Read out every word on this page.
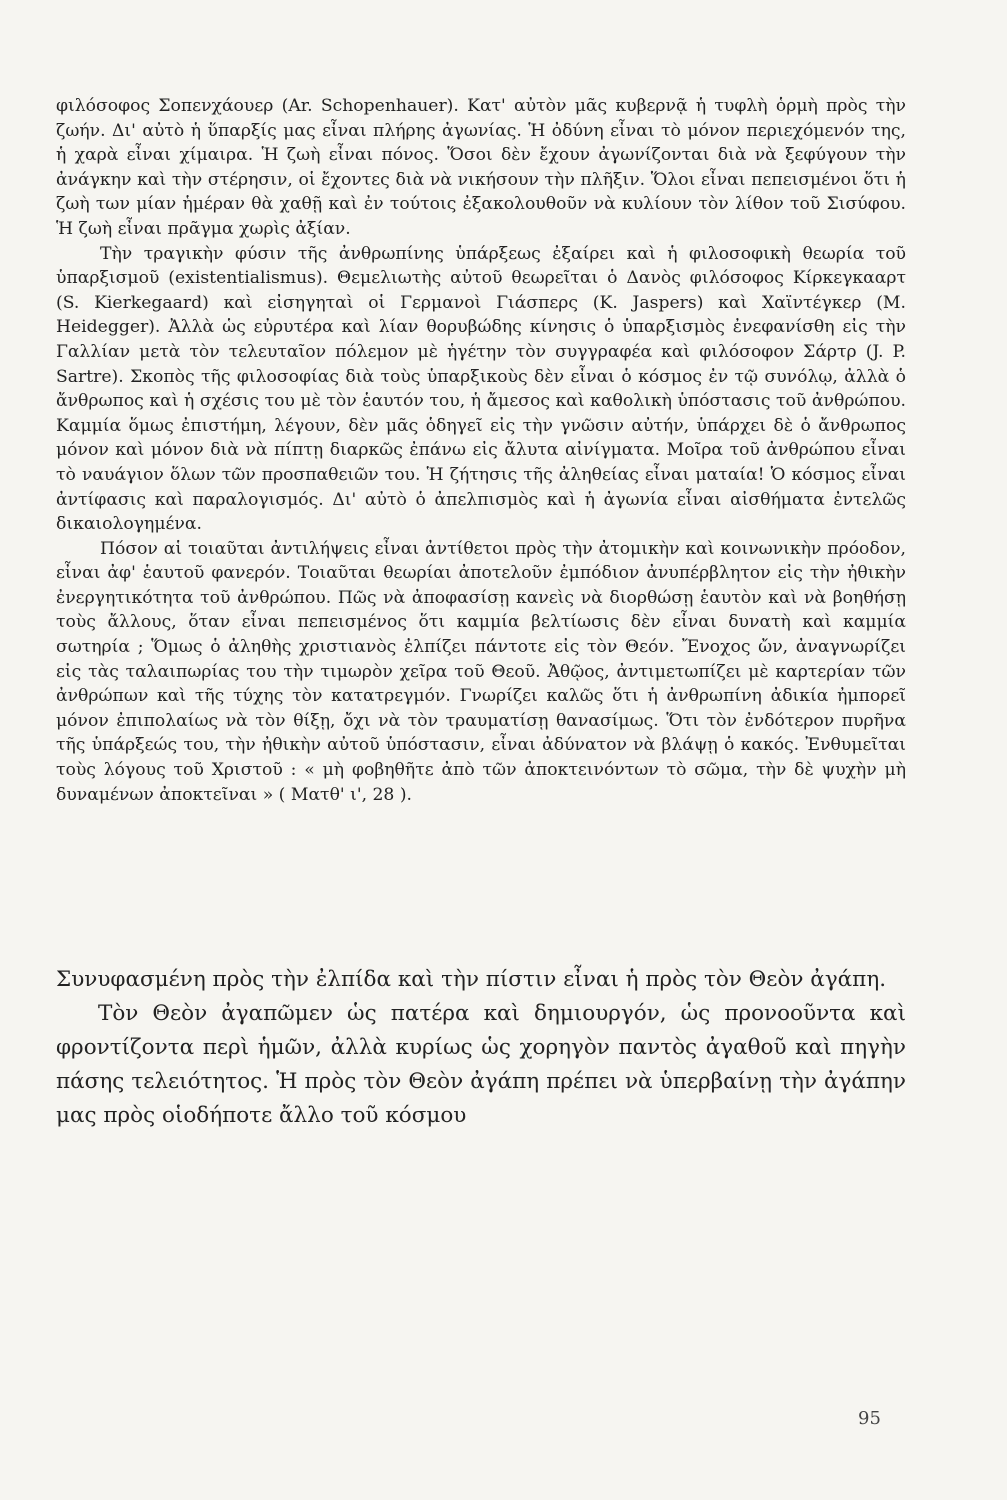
φιλόσοφος Σοπενχάουερ (Ar. Schopenhauer). Κατ' αὐτὸν μᾶς κυβερνᾷ ἡ τυφλὴ ὁρμὴ πρὸς τὴν ζωήν. Δι' αὐτὸ ἡ ὕπαρξίς μας εἶναι πλήρης ἀγωνίας. Ἡ ὀδύνη εἶναι τὸ μόνον περιεχόμενόν της, ἡ χαρὰ εἶναι χίμαιρα. Ἡ ζωὴ εἶναι πόνος. Ὅσοι δὲν ἔχουν ἀγωνίζονται διὰ νὰ ξεφύγουν τὴν ἀνάγκην καὶ τὴν στέρησιν, οἱ ἔχοντες διὰ νὰ νικήσουν τὴν πλῆξιν. Ὅλοι εἶναι πεπεισμένοι ὅτι ἡ ζωὴ των μίαν ἡμέραν θὰ χαθῇ καὶ ἐν τούτοις ἐξακολουθοῦν νὰ κυλίουν τὸν λίθον τοῦ Σισύφου. Ἡ ζωὴ εἶναι πρᾶγμα χωρὶς ἀξίαν.

Τὴν τραγικὴν φύσιν τῆς ἀνθρωπίνης ὑπάρξεως ἐξαίρει καὶ ἡ φιλοσοφικὴ θεωρία τοῦ ὑπαρξισμοῦ (existentialismus). Θεμελιωτὴς αὐτοῦ θεωρεῖται ὁ Δανὸς φιλόσοφος Κίρκεγκααρτ (S. Kierkegaard) καὶ εἰσηγηταὶ οἱ Γερμανοὶ Γιάσπερς (K. Jaspers) καὶ Χαϊντέγκερ (M. Heidegger). Ἀλλὰ ὡς εὐρυτέρα καὶ λίαν θορυβώδης κίνησις ὁ ὑπαρξισμὸς ἐνεφανίσθη εἰς τὴν Γαλλίαν μετὰ τὸν τελευταῖον πόλεμον μὲ ἡγέτην τὸν συγγραφέα καὶ φιλόσοφον Σάρτρ (J. P. Sartre). Σκοπὸς τῆς φιλοσοφίας διὰ τοὺς ὑπαρξικοὺς δὲν εἶναι ὁ κόσμος ἐν τῷ συνόλῳ, ἀλλὰ ὁ ἄνθρωπος καὶ ἡ σχέσις του μὲ τὸν ἑαυτόν του, ἡ ἄμεσος καὶ καθολικὴ ὑπόστασις τοῦ ἀνθρώπου. Καμμία ὅμως ἐπιστήμη, λέγουν, δὲν μᾶς ὁδηγεῖ εἰς τὴν γνῶσιν αὐτήν, ὑπάρχει δὲ ὁ ἄνθρωπος μόνον καὶ μόνον διὰ νὰ πίπτῃ διαρκῶς ἐπάνω εἰς ἄλυτα αἰνίγματα. Μοῖρα τοῦ ἀνθρώπου εἶναι τὸ ναυάγιον ὅλων τῶν προσπαθειῶν του. Ἡ ζήτησις τῆς ἀληθείας εἶναι ματαία! Ὁ κόσμος εἶναι ἀντίφασις καὶ παραλογισμός. Δι' αὐτὸ ὁ ἀπελπισμὸς καὶ ἡ ἀγωνία εἶναι αἰσθήματα ἐντελῶς δικαιολογημένα.

Πόσον αἱ τοιαῦται ἀντιλήψεις εἶναι ἀντίθετοι πρὸς τὴν ἀτομικὴν καὶ κοινωνικὴν πρόοδον, εἶναι ἀφ' ἑαυτοῦ φανερόν. Τοιαῦται θεωρίαι ἀποτελοῦν ἐμπόδιον ἀνυπέρβλητον εἰς τὴν ἠθικὴν ἐνεργητικότητα τοῦ ἀνθρώπου. Πῶς νὰ ἀποφασίσῃ κανεὶς νὰ διορθώσῃ ἑαυτὸν καὶ νὰ βοηθήσῃ τοὺς ἄλλους, ὅταν εἶναι πεπεισμένος ὅτι καμμία βελτίωσις δὲν εἶναι δυνατὴ καὶ καμμία σωτηρία ; Ὅμως ὁ ἀληθὴς χριστιανὸς ἐλπίζει πάντοτε εἰς τὸν Θεόν. Ἔνοχος ὤν, ἀναγνωρίζει εἰς τὰς ταλαιπωρίας του τὴν τιμωρὸν χεῖρα τοῦ Θεοῦ. Ἀθῷος, ἀντιμετωπίζει μὲ καρτερίαν τῶν ἀνθρώπων καὶ τῆς τύχης τὸν κατατρεγμόν. Γνωρίζει καλῶς ὅτι ἡ ἀνθρωπίνη ἀδικία ἠμπορεῖ μόνον ἐπιπολαίως νὰ τὸν θίξῃ, ὄχι νὰ τὸν τραυματίσῃ θανασίμως. Ὅτι τὸν ἐνδότερον πυρῆνα τῆς ὑπάρξεώς του, τὴν ἠθικὴν αὐτοῦ ὑπόστασιν, εἶναι ἀδύνατον νὰ βλάψῃ ὁ κακός. Ἐνθυμεῖται τοὺς λόγους τοῦ Χριστοῦ : « μὴ φοβηθῆτε ἀπὸ τῶν ἀποκτεινόντων τὸ σῶμα, τὴν δὲ ψυχὴν μὴ δυναμένων ἀποκτεῖναι » ( Ματθ' ι', 28 ).

Συνυφασμένη πρὸς τὴν ἐλπίδα καὶ τὴν πίστιν εἶναι ἡ πρὸς τὸν Θεὸν ἀγάπη.

Τὸν Θεὸν ἀγαπῶμεν ὡς πατέρα καὶ δημιουργόν, ὡς προνοοῦντα καὶ φροντίζοντα περὶ ἡμῶν, ἀλλὰ κυρίως ὡς χορηγὸν παντὸς ἀγαθοῦ καὶ πηγὴν πάσης τελειότητος. Ἡ πρὸς τὸν Θεὸν ἀγάπη πρέπει νὰ ὑπερβαίνῃ τὴν ἀγάπην μας πρὸς οἱοδήποτε ἄλλο τοῦ κόσμου

95
